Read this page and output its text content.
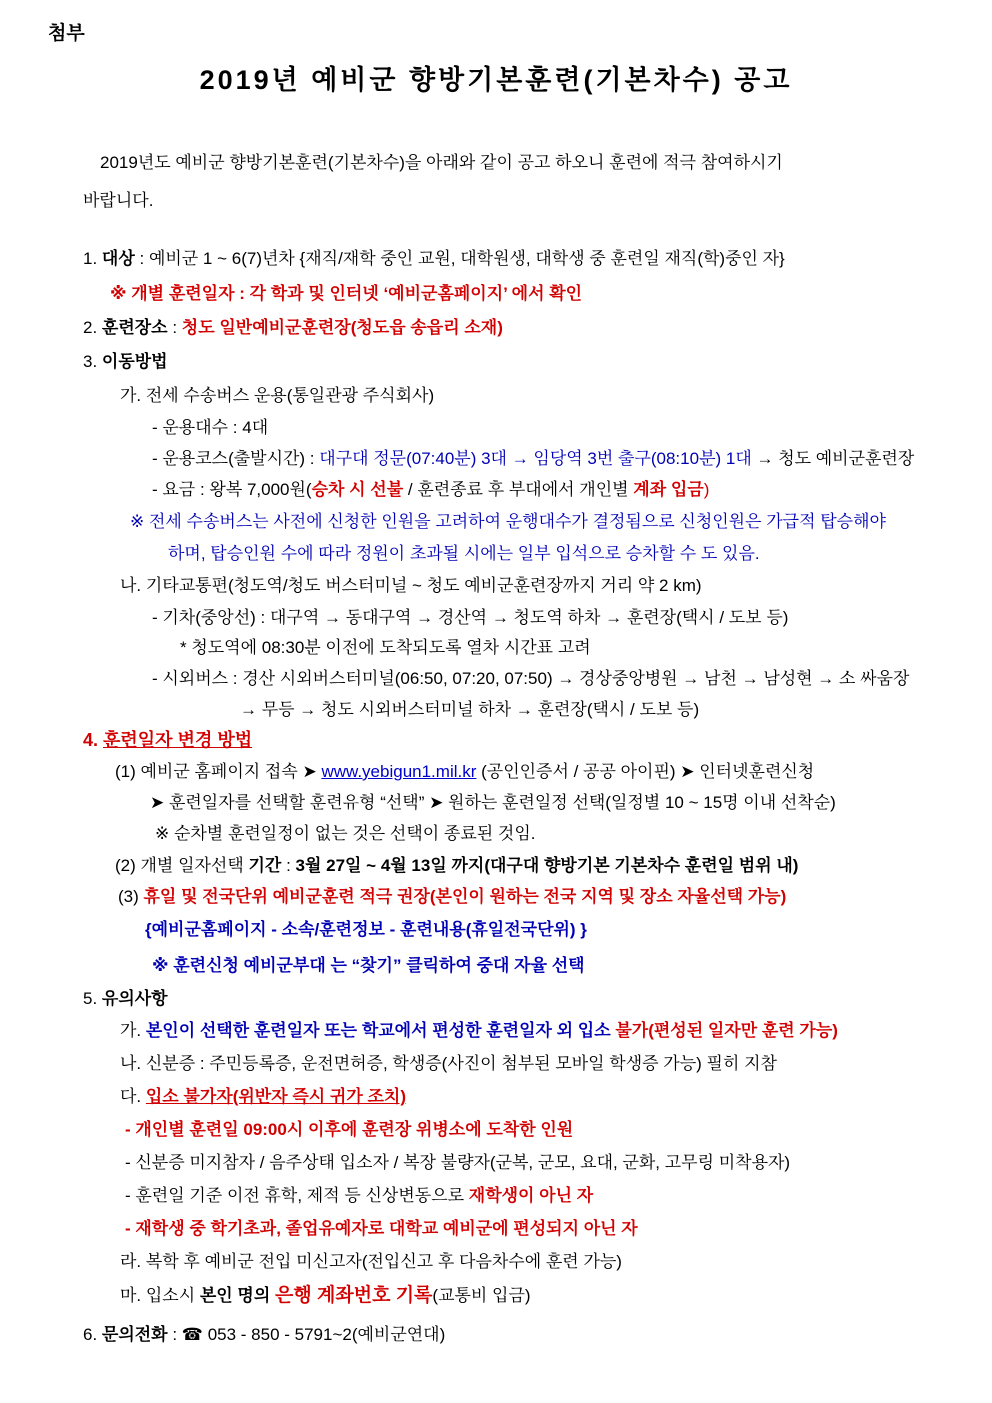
첨부
2019년 예비군 향방기본훈련(기본차수) 공고
2019년도 예비군 향방기본훈련(기본차수)을 아래와 같이 공고 하오니 훈련에 적극 참여하시기
바랍니다.
1. 대상 : 예비군 1 ~ 6(7)년차 {재직/재학 중인 교원, 대학원생, 대학생 중 훈련일 재직(학)중인 자}
※ 개별 훈련일자 : 각 학과 및 인터넷 ‘예비군홈페이지’ 에서 확인
2. 훈련장소 : 청도 일반예비군훈련장(청도읍 송읍리 소재)
3. 이동방법
가. 전세 수송버스 운용(통일관광 주식회사)
- 운용대수 : 4대
- 운용코스(출발시간) : 대구대 정문(07:40분) 3대 → 임당역 3번 출구(08:10분) 1대 → 청도 예비군훈련장
- 요금 : 왕복 7,000원(승차 시 선불 / 훈련종료 후 부대에서 개인별 계좌 입금)
※ 전세 수송버스는 사전에 신청한 인원을 고려하여 운행대수가 결정됨으로 신청인원은 가급적 탑승해야
하며, 탑승인원 수에 따라 정원이 초과될 시에는 일부 입석으로 승차할 수 도 있음.
나. 기타교통편(청도역/청도 버스터미널 ~ 청도 예비군훈련장까지 거리 약 2 km)
- 기차(중앙선) : 대구역 → 동대구역 → 경산역 → 청도역 하차 → 훈련장(택시 / 도보 등)
* 청도역에 08:30분 이전에 도착되도록 열차 시간표 고려
- 시외버스 : 경산 시외버스터미널(06:50, 07:20, 07:50) → 경상중앙병원 → 남천 → 남성현 → 소 싸움장
→ 무등 → 청도 시외버스터미널 하차 → 훈련장(택시 / 도보 등)
4. 훈련일자 변경 방법
(1) 예비군 홈페이지 접속 ➤ www.yebigun1.mil.kr (공인인증서 / 공공 아이핀) ➤ 인터넷훈련신청
➤ 훈련일자를 선택할 훈련유형 “선택” ➤ 원하는 훈련일정 선택(일정별 10 ~ 15명 이내 선착순)
※ 순차별 훈련일정이 없는 것은 선택이 종료된 것임.
(2) 개별 일자선택 기간 : 3월 27일 ~ 4월 13일 까지(대구대 향방기본 기본차수 훈련일 범위 내)
(3) 휴일 및 전국단위 예비군훈련 적극 권장(본인이 원하는 전국 지역 및 장소 자율선택 가능)
{예비군홈페이지 - 소속/훈련정보 - 훈련내용(휴일전국단위) }
※ 훈련신청 예비군부대 는 “찾기” 클릭하여 중대 자율 선택
5. 유의사항
가. 본인이 선택한 훈련일자 또는 학교에서 편성한 훈련일자 외 입소 불가(편성된 일자만 훈련 가능)
나. 신분증 : 주민등록증, 운전면허증, 학생증(사진이 첨부된 모바일 학생증 가능) 필히 지참
다. 입소 불가자(위반자 즉시 귀가 조치)
- 개인별 훈련일 09:00시 이후에 훈련장 위병소에 도착한 인원
- 신분증 미지참자 / 음주상태 입소자 / 복장 불량자(군복, 군모, 요대, 군화, 고무링 미착용자)
- 훈련일 기준 이전 휴학, 제적 등 신상변동으로 재학생이 아닌 자
- 재학생 중 학기초과, 졸업유예자로 대학교 예비군에 편성되지 아닌 자
라. 복학 후 예비군 전입 미신고자(전입신고 후 다음차수에 훈련 가능)
마. 입소시 본인 명의 은행 계좌번호 기록(교통비 입금)
6. 문의전화 : ☎ 053 - 850 - 5791~2(예비군연대)
